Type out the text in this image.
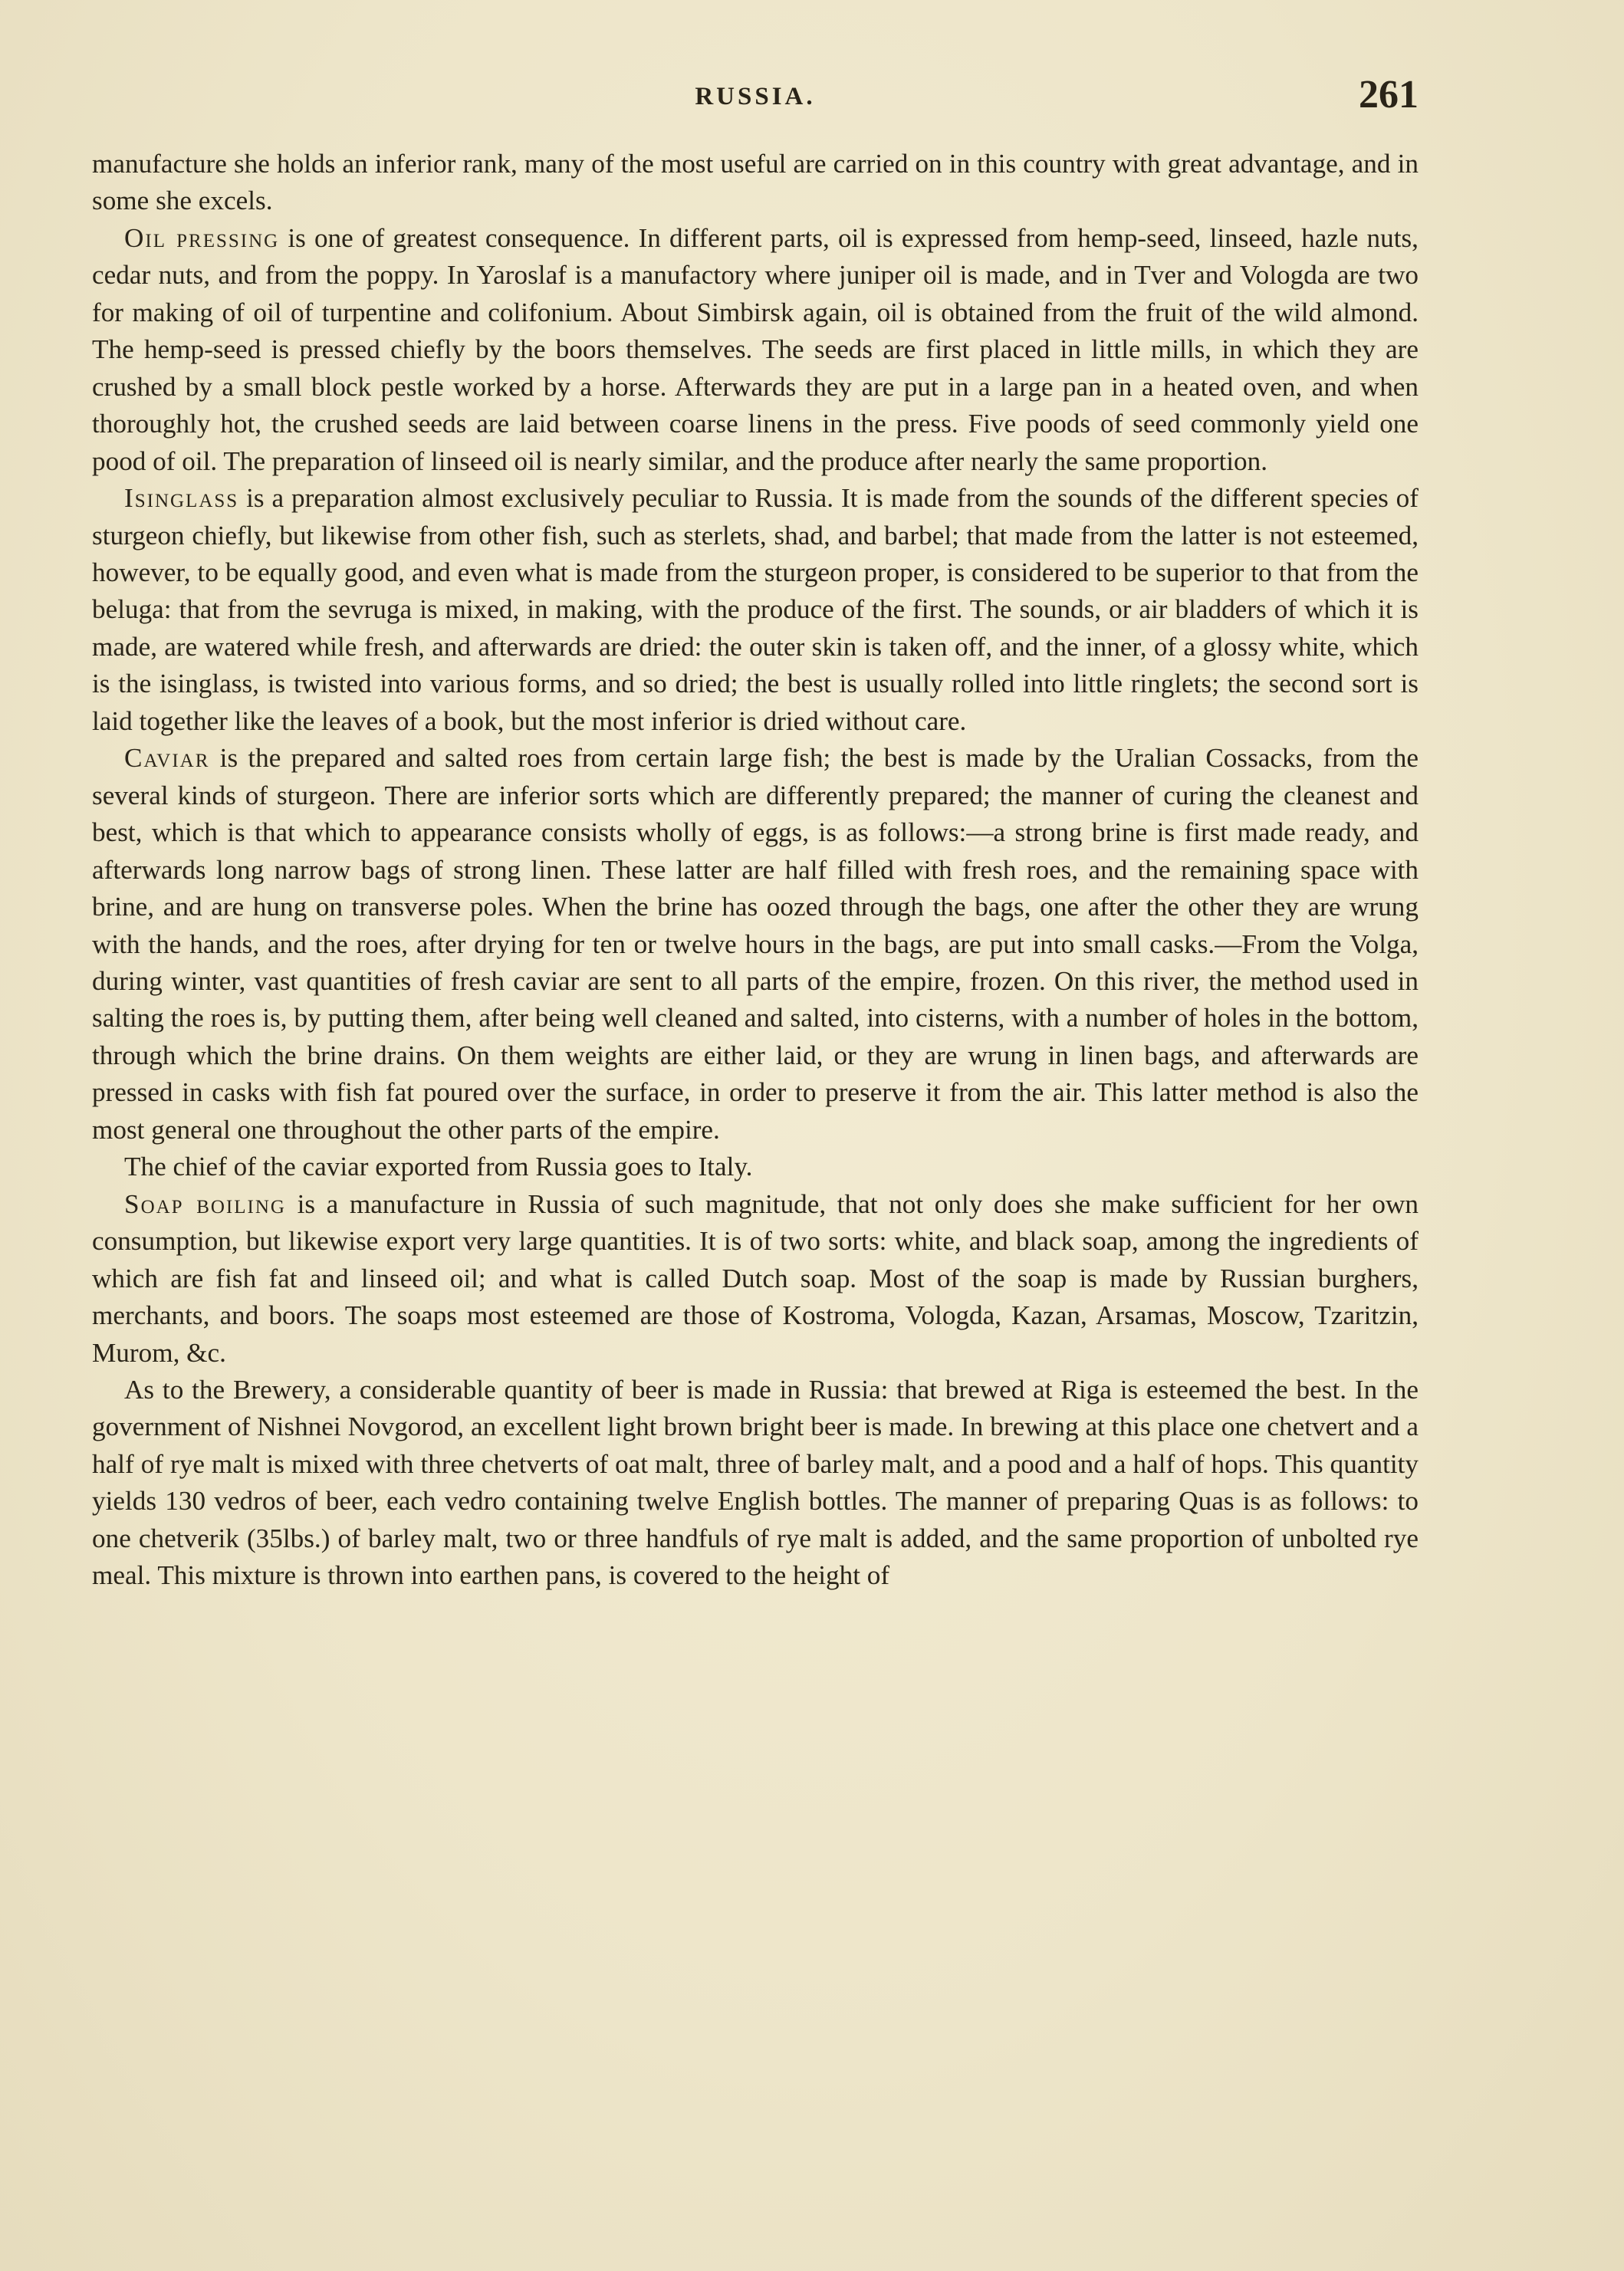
RUSSIA.	261

manufacture she holds an inferior rank, many of the most useful are carried on in this country with great advantage, and in some she excels.

Oil pressing is one of greatest consequence. In different parts, oil is expressed from hemp-seed, linseed, hazle nuts, cedar nuts, and from the poppy. In Yaroslaf is a manufactory where juniper oil is made, and in Tver and Vologda are two for making of oil of turpentine and colifonium. About Simbirsk again, oil is obtained from the fruit of the wild almond. The hemp-seed is pressed chiefly by the boors themselves. The seeds are first placed in little mills, in which they are crushed by a small block pestle worked by a horse. Afterwards they are put in a large pan in a heated oven, and when thoroughly hot, the crushed seeds are laid between coarse linens in the press. Five poods of seed commonly yield one pood of oil. The preparation of linseed oil is nearly similar, and the produce after nearly the same proportion.

Isinglass is a preparation almost exclusively peculiar to Russia. It is made from the sounds of the different species of sturgeon chiefly, but likewise from other fish, such as sterlets, shad, and barbel; that made from the latter is not esteemed, however, to be equally good, and even what is made from the sturgeon proper, is considered to be superior to that from the beluga: that from the sevruga is mixed, in making, with the produce of the first. The sounds, or air bladders of which it is made, are watered while fresh, and afterwards are dried: the outer skin is taken off, and the inner, of a glossy white, which is the isinglass, is twisted into various forms, and so dried; the best is usually rolled into little ringlets; the second sort is laid together like the leaves of a book, but the most inferior is dried without care.

Caviar is the prepared and salted roes from certain large fish; the best is made by the Uralian Cossacks, from the several kinds of sturgeon. There are inferior sorts which are differently prepared; the manner of curing the cleanest and best, which is that which to appearance consists wholly of eggs, is as follows:—a strong brine is first made ready, and afterwards long narrow bags of strong linen. These latter are half filled with fresh roes, and the remaining space with brine, and are hung on transverse poles. When the brine has oozed through the bags, one after the other they are wrung with the hands, and the roes, after drying for ten or twelve hours in the bags, are put into small casks.—From the Volga, during winter, vast quantities of fresh caviar are sent to all parts of the empire, frozen. On this river, the method used in salting the roes is, by putting them, after being well cleaned and salted, into cisterns, with a number of holes in the bottom, through which the brine drains. On them weights are either laid, or they are wrung in linen bags, and afterwards are pressed in casks with fish fat poured over the surface, in order to preserve it from the air. This latter method is also the most general one throughout the other parts of the empire.

The chief of the caviar exported from Russia goes to Italy.

Soap boiling is a manufacture in Russia of such magnitude, that not only does she make sufficient for her own consumption, but likewise export very large quantities. It is of two sorts: white, and black soap, among the ingredients of which are fish fat and linseed oil; and what is called Dutch soap. Most of the soap is made by Russian burghers, merchants, and boors. The soaps most esteemed are those of Kostroma, Vologda, Kazan, Arsamas, Moscow, Tzaritzin, Murom, &c.

As to the Brewery, a considerable quantity of beer is made in Russia: that brewed at Riga is esteemed the best. In the government of Nishnei Novgorod, an excellent light brown bright beer is made. In brewing at this place one chetvert and a half of rye malt is mixed with three chetverts of oat malt, three of barley malt, and a pood and a half of hops. This quantity yields 130 vedros of beer, each vedro containing twelve English bottles. The manner of preparing Quas is as follows: to one chetverik (35lbs.) of barley malt, two or three handfuls of rye malt is added, and the same proportion of unbolted rye meal. This mixture is thrown into earthen pans, is covered to the height of
